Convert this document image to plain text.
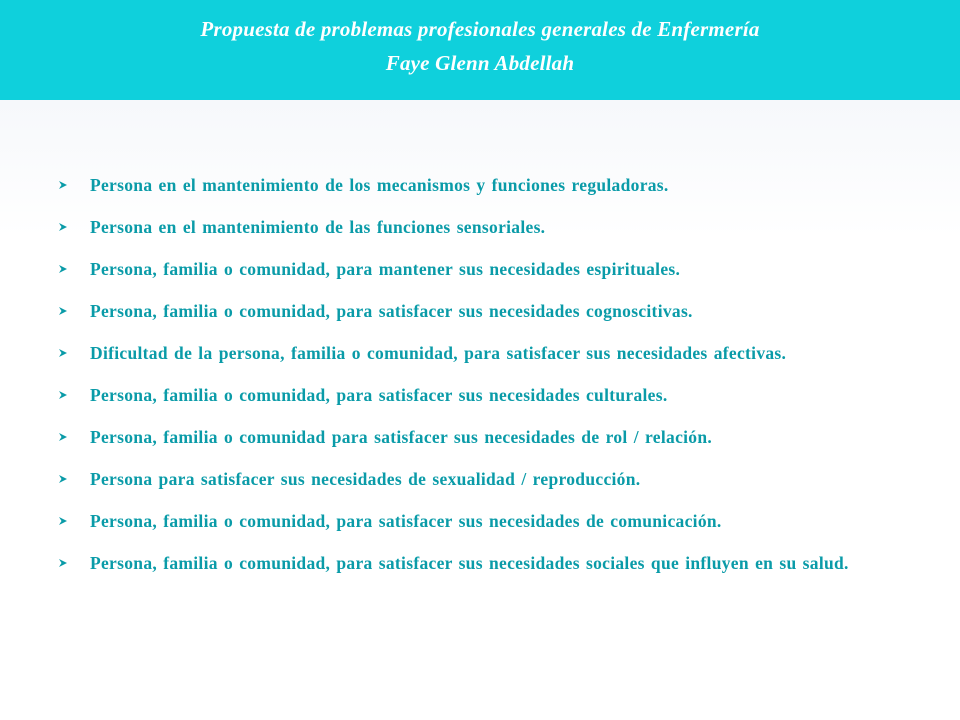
Propuesta de problemas profesionales generales de Enfermería
Faye Glenn Abdellah
Persona en el mantenimiento de los mecanismos y funciones reguladoras.
Persona en el mantenimiento de las funciones sensoriales.
Persona, familia o comunidad, para mantener sus necesidades espirituales.
Persona, familia o comunidad, para satisfacer sus necesidades cognoscitivas.
Dificultad de la persona, familia o comunidad, para satisfacer sus necesidades afectivas.
Persona, familia o comunidad, para satisfacer sus necesidades culturales.
Persona, familia o comunidad para satisfacer sus necesidades de rol / relación.
Persona para satisfacer sus necesidades de sexualidad / reproducción.
Persona, familia o comunidad, para satisfacer sus necesidades de comunicación.
Persona, familia o comunidad, para satisfacer sus necesidades sociales que influyen en su salud.
